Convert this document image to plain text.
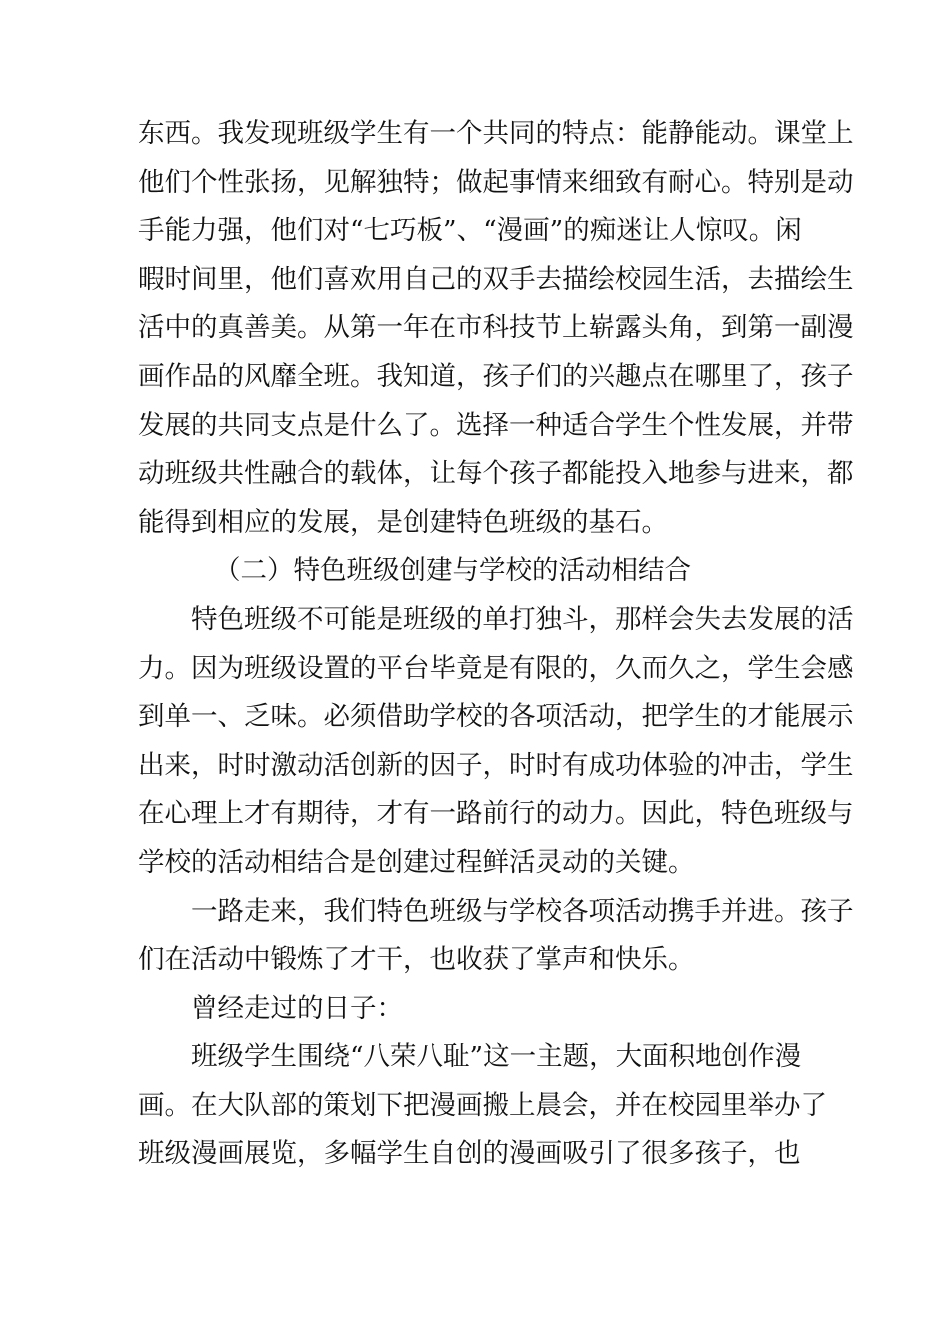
东西。我发现班级学生有一个共同的特点：能静能动。课堂上
他们个性张扬，见解独特；做起事情来细致有耐心。特别是动
手能力强，他们对“七巧板”、“漫画”的痴迷让人惊叹。闲
暇时间里，他们喜欢用自己的双手去描绘校园生活，去描绘生
活中的真善美。从第一年在市科技节上崭露头角，到第一副漫
画作品的风靡全班。我知道，孩子们的兴趣点在哪里了，孩子
发展的共同支点是什么了。选择一种适合学生个性发展，并带
动班级共性融合的载体，让每个孩子都能投入地参与进来，都
能得到相应的发展，是创建特色班级的基石。
（二）特色班级创建与学校的活动相结合
特色班级不可能是班级的单打独斗，那样会失去发展的活
力。因为班级设置的平台毕竟是有限的，久而久之，学生会感
到单一、乏味。必须借助学校的各项活动，把学生的才能展示
出来，时时激动活创新的因子，时时有成功体验的冲击，学生
在心理上才有期待，才有一路前行的动力。因此，特色班级与
学校的活动相结合是创建过程鲜活灵动的关键。
一路走来，我们特色班级与学校各项活动携手并进。孩子
们在活动中锻炼了才干，也收获了掌声和快乐。
曾经走过的日子：
班级学生围绕“八荣八耻”这一主题，大面积地创作漫
画。在大队部的策划下把漫画搬上晨会，并在校园里举办了
班级漫画展览，多幅学生自创的漫画吸引了很多孩子，也
